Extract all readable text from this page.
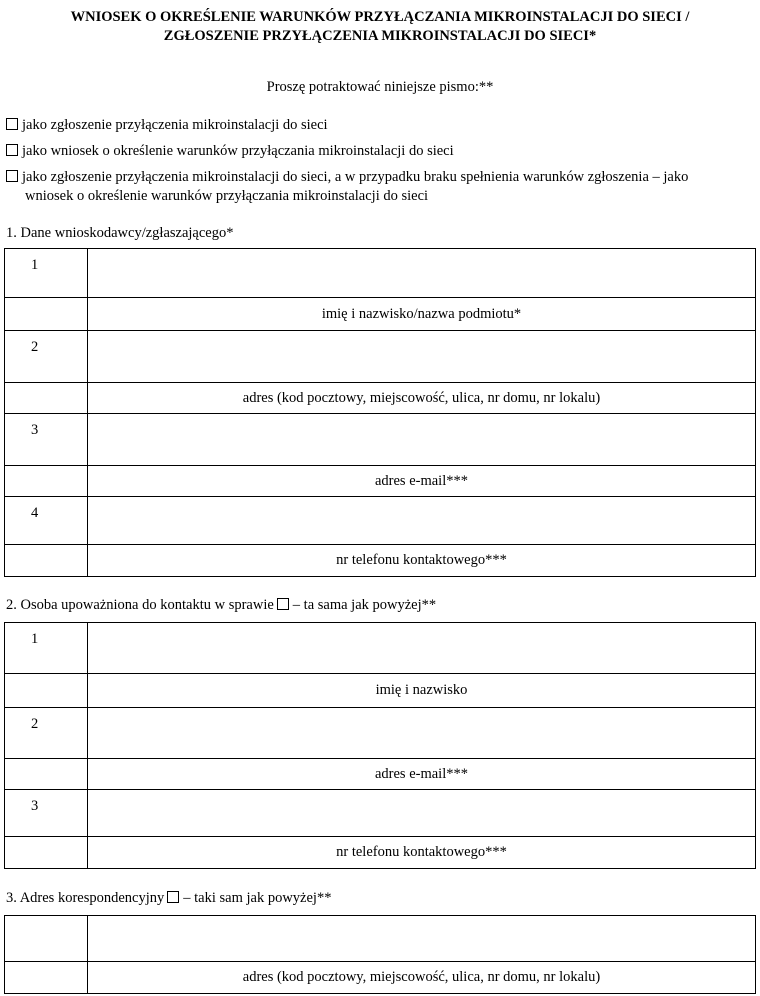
WNIOSEK O OKREŚLENIE WARUNKÓW PRZYŁĄCZANIA MIKROINSTALACJI DO SIECI /
ZGŁOSZENIE PRZYŁĄCZENIA MIKROINSTALACJI DO SIECI*
Proszę potraktować niniejsze pismo:**
jako zgłoszenie przyłączenia mikroinstalacji do sieci
jako wniosek o określenie warunków przyłączania mikroinstalacji do sieci
jako zgłoszenie przyłączenia mikroinstalacji do sieci, a w przypadku braku spełnienia warunków zgłoszenia – jako
wniosek o określenie warunków przyłączania mikroinstalacji do sieci
1. Dane wnioskodawcy/zgłaszającego*
1	
	imię i nazwisko/nazwa podmiotu*
2	
	adres (kod pocztowy, miejscowość, ulica, nr domu, nr lokalu)
3	
	adres e-mail***
4	
	nr telefonu kontaktowego***
2. Osoba upoważniona do kontaktu w sprawie – ta sama jak powyżej**
1	
	imię i nazwisko
2	
	adres e-mail***
3	
	nr telefonu kontaktowego***
3. Adres korespondencyjny – taki sam jak powyżej**

	adres (kod pocztowy, miejscowość, ulica, nr domu, nr lokalu)
